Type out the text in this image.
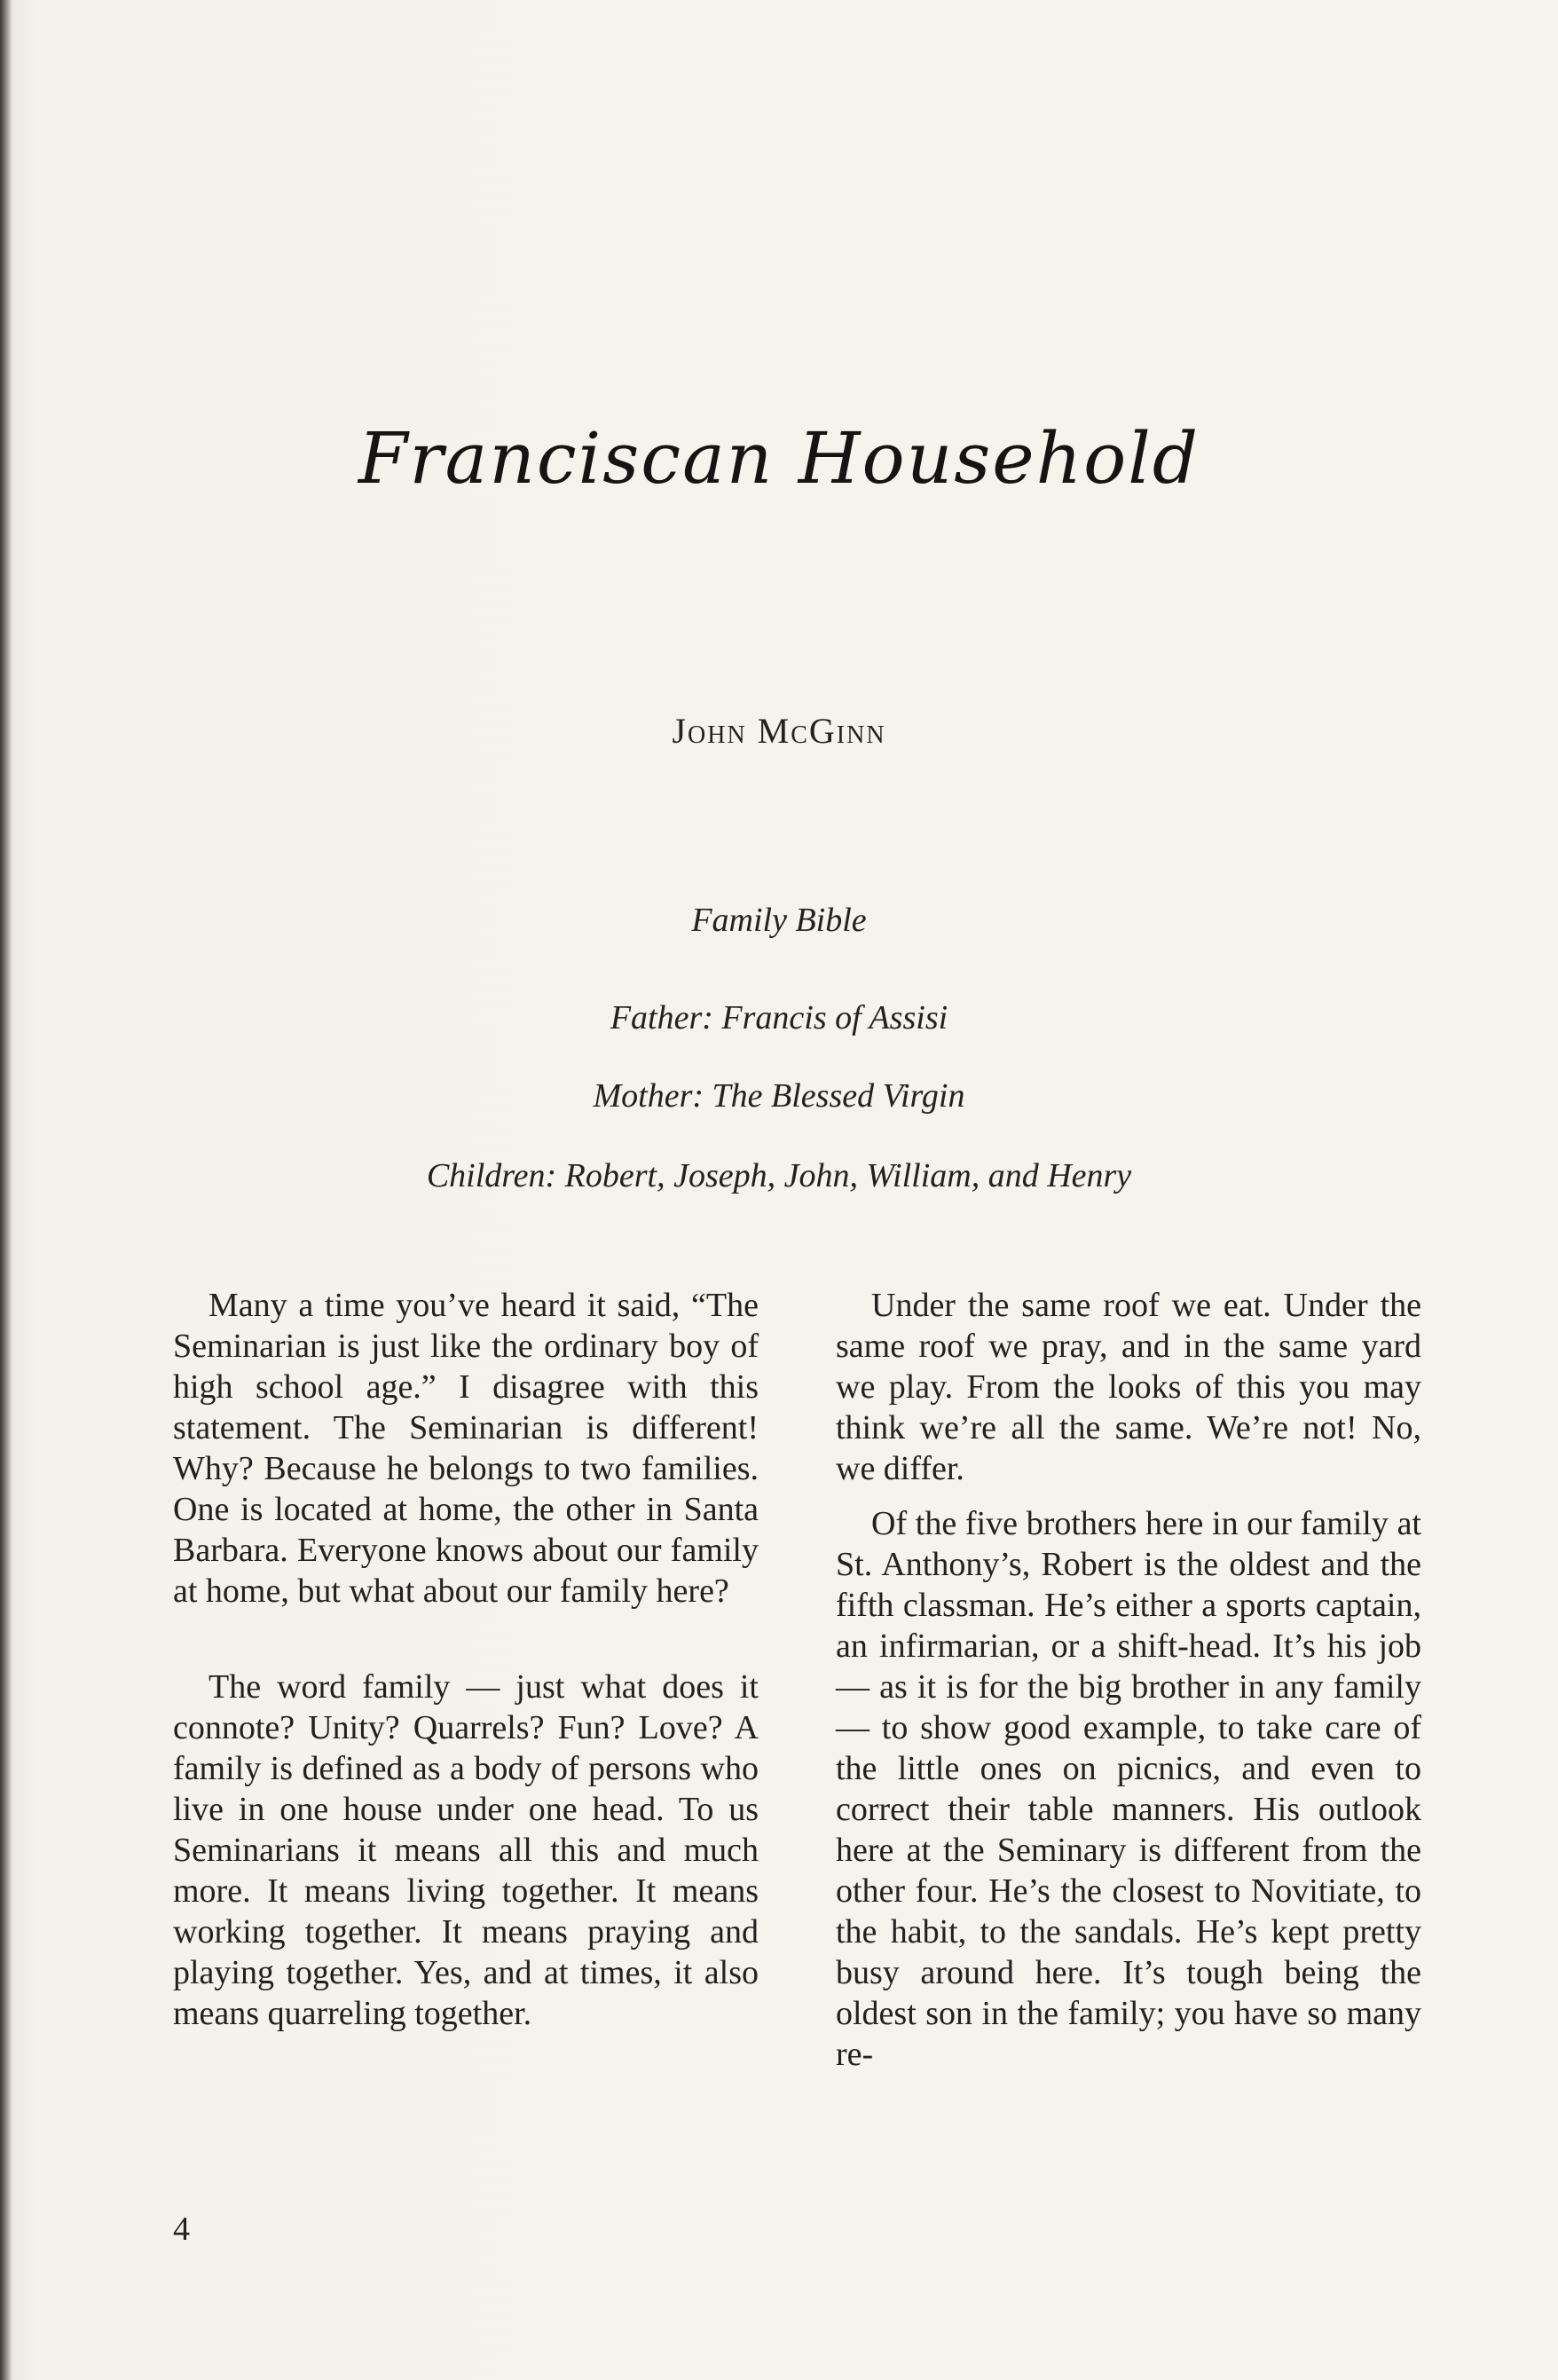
Franciscan Household
John McGinn
Family Bible
Father: Francis of Assisi
Mother: The Blessed Virgin
Children: Robert, Joseph, John, William, and Henry

Many a time you’ve heard it said, “The Seminarian is just like the ordinary boy of high school age.” I disagree with this statement. The Seminarian is different! Why? Because he belongs to two families. One is located at home, the other in Santa Barbara. Everyone knows about our family at home, but what about our family here?

The word family — just what does it connote? Unity? Quarrels? Fun? Love? A family is defined as a body of persons who live in one house under one head. To us Seminarians it means all this and much more. It means living together. It means working together. It means praying and playing together. Yes, and at times, it also means quarreling together.

Under the same roof we eat. Under the same roof we pray, and in the same yard we play. From the looks of this you may think we’re all the same. We’re not! No, we differ.

Of the five brothers here in our family at St. Anthony’s, Robert is the oldest and the fifth classman. He’s either a sports captain, an infirmarian, or a shift-head. It’s his job — as it is for the big brother in any family — to show good example, to take care of the little ones on picnics, and even to correct their table manners. His outlook here at the Seminary is different from the other four. He’s the closest to Novitiate, to the habit, to the sandals. He’s kept pretty busy around here. It’s tough being the oldest son in the family; you have so many re-

4
